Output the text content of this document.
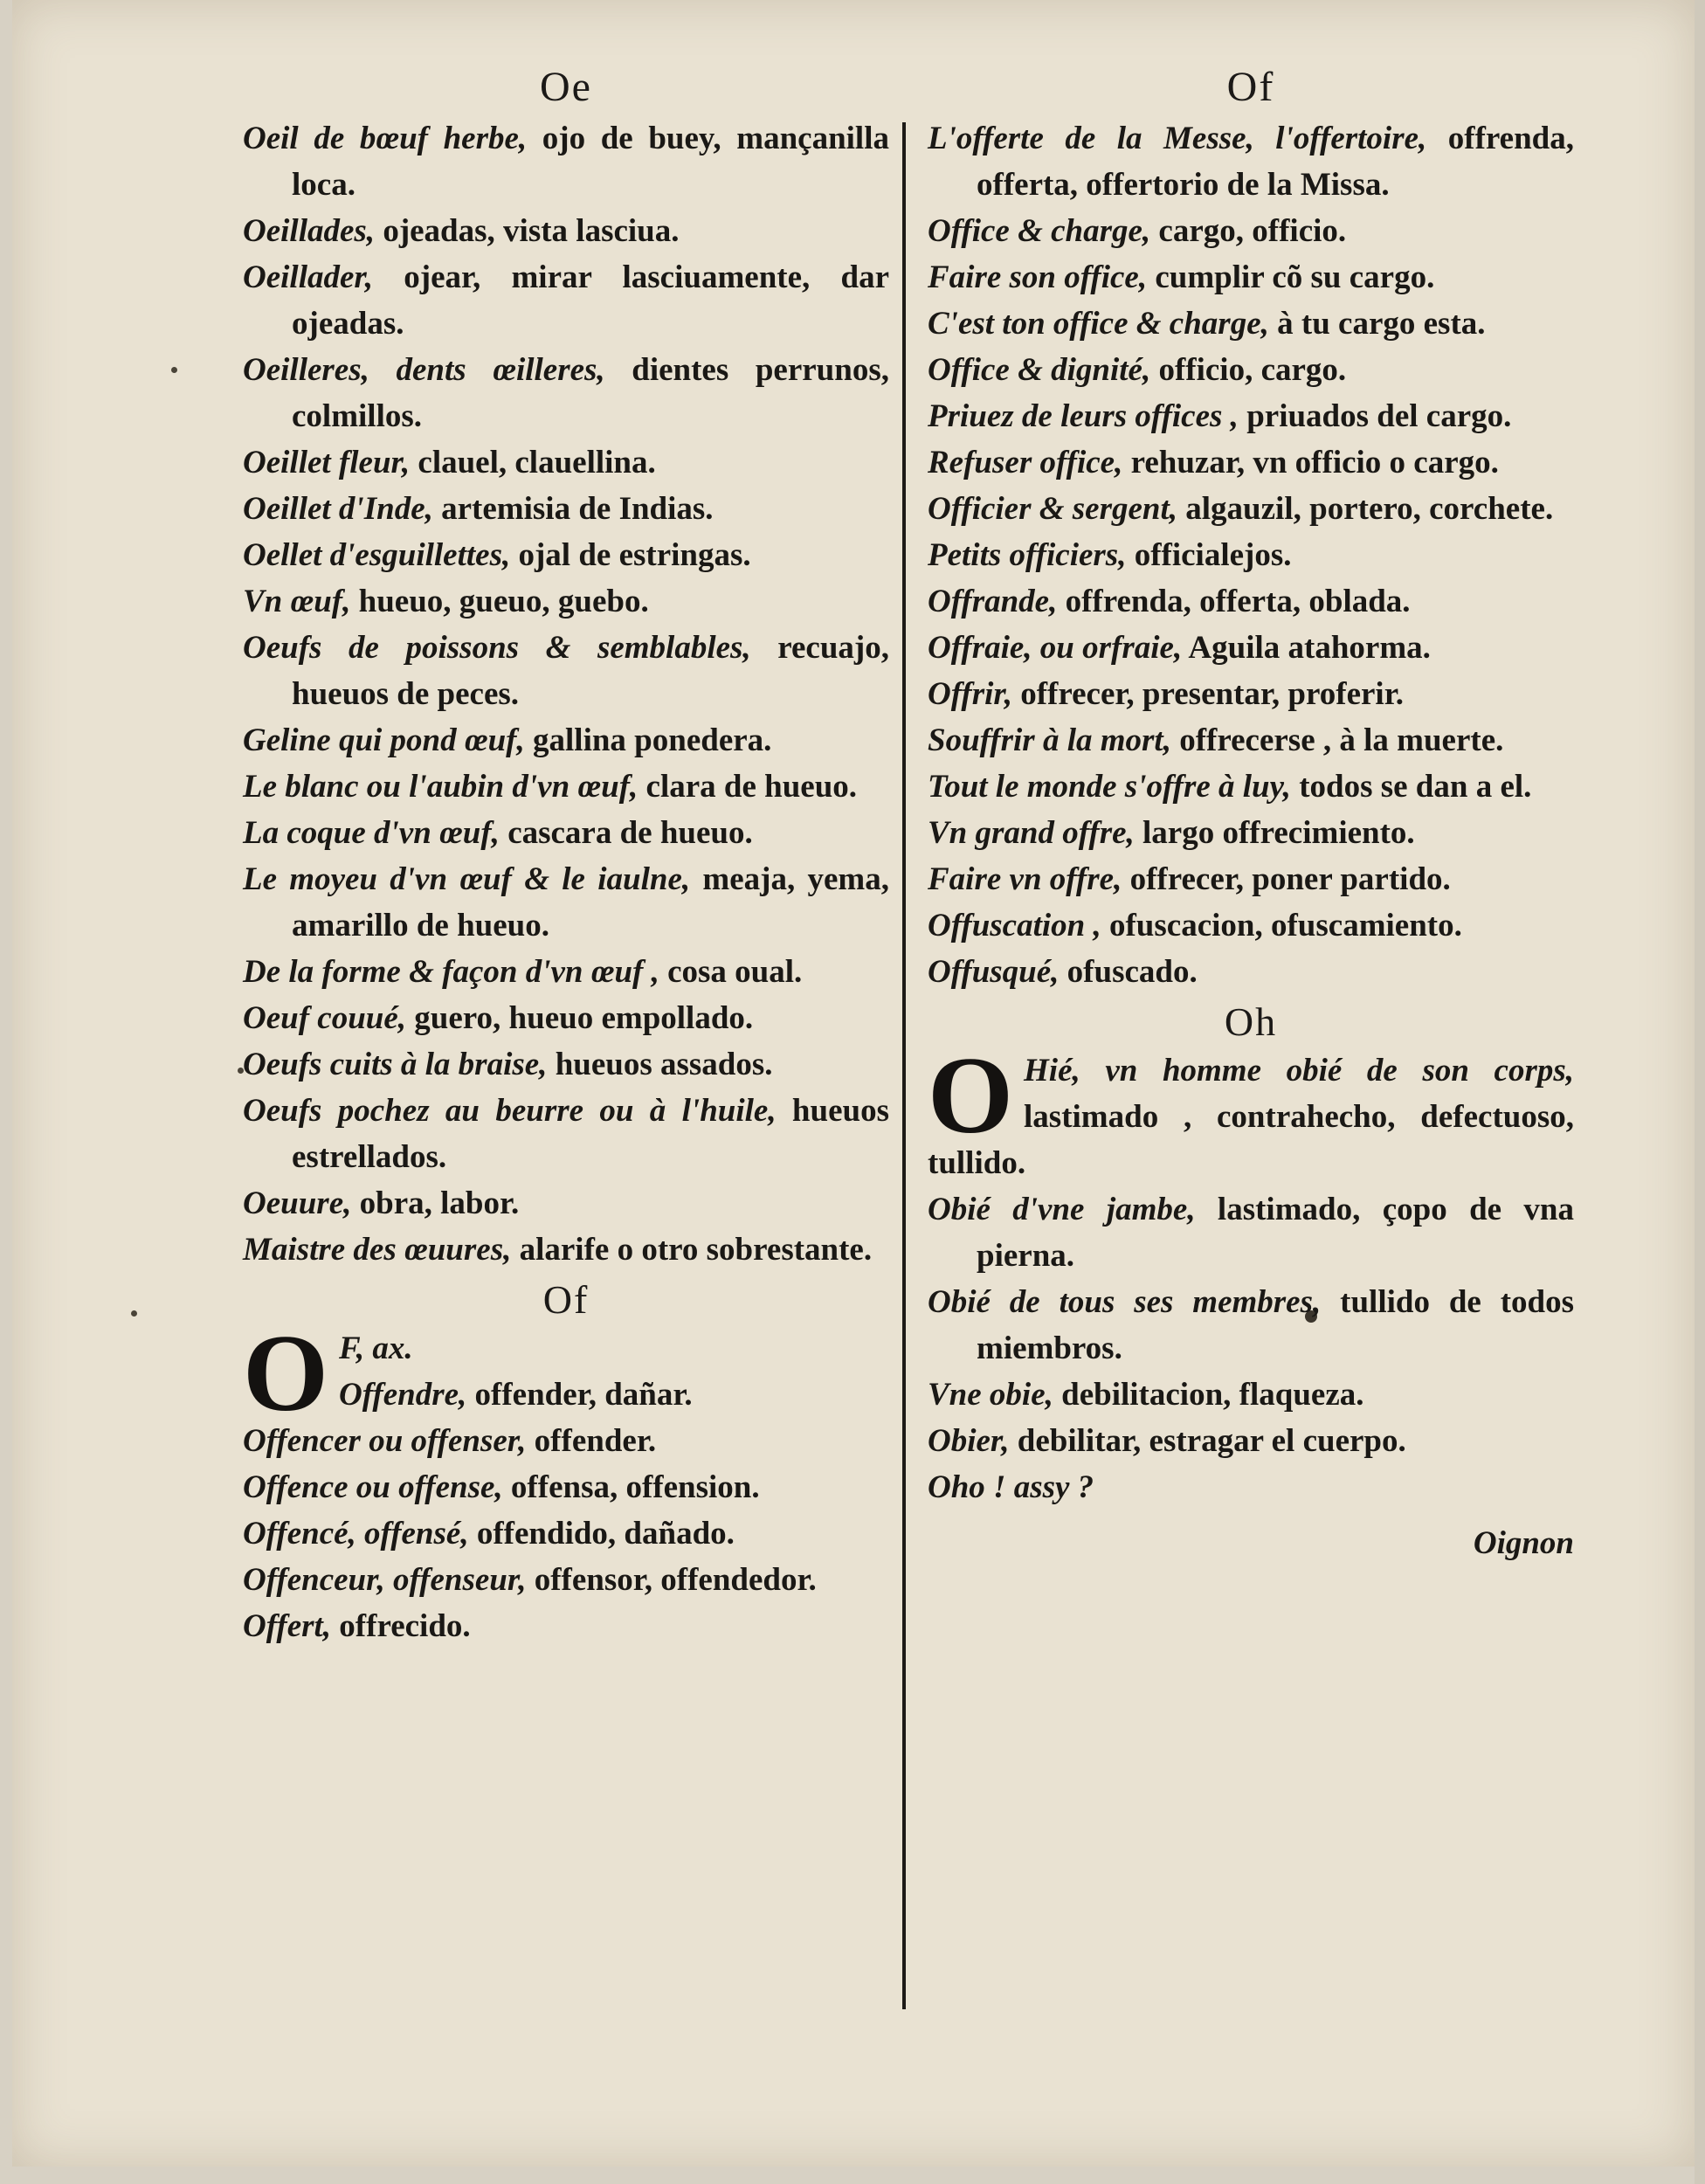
Oe
Oeil de bœuf herbe, ojo de buey, mançanilla loca.
Oeillades, ojeadas, vista lasciua.
Oeillader, ojear, mirar lasciuamente, dar ojeadas.
Oeilleres, dents œilleres, dientes perrunos, colmillos.
Oeillet fleur, clauel, clauellina.
Oeillet d'Inde, artemisia de Indias.
Oellet d'esguillettes, ojal de estringas.
Vn œuf, hueuo, gueuo, guebo.
Oeufs de poissons & semblables, recuajo, hueuos de peces.
Geline qui pond œuf, gallina ponedera.
Le blanc ou l'aubin d'vn œuf, clara de hueuo.
La coque d'vn œuf, cascara de hueuo.
Le moyeu d'vn œuf & le iaulne, meaja, yema, amarillo de hueuo.
De la forme & façon d'vn œuf , cosa oual.
Oeuf couué, guero, hueuo empollado.
Oeufs cuits à la braise, hueuos assados.
Oeufs pochez au beurre ou à l'huile, hueuos estrellados.
Oeuure, obra, labor.
Maistre des œuures, alarife o otro sobrestante.
Of
O F, ax.
Offendre, offender, dañar.
Offencer ou offenser, offender.
Offence ou offense, offensa, offension.
Offencé, offensé, offendido, dañado.
Offenceur, offenseur, offensor, offendedor.
Offert, offrecido.
Of
L'offerte de la Messe, l'offertoire, offrenda, offerta, offertorio de la Missa.
Office & charge, cargo, officio.
Faire son office, cumplir cõ su cargo.
C'est ton office & charge, à tu cargo esta.
Office & dignité, officio, cargo.
Priuez de leurs offices , priuados del cargo.
Refuser office, rehuzar, vn officio o cargo.
Officier & sergent, algauzil, portero, corchete.
Petits officiers, officialejos.
Offrande, offrenda, offerta, oblada.
Offraie, ou orfraie, Aguila atahorma.
Offrir, offrecer, presentar, proferir.
Souffrir à la mort, offrecerse , à la muerte.
Tout le monde s'offre à luy, todos se dan a el.
Vn grand offre, largo offrecimiento.
Faire vn offre, offrecer, poner partido.
Offuscation , ofuscacion, ofuscamiento.
Offusqué, ofuscado.
Oh
O Hié, vn homme obié de son corps, lastimado , contrahecho, defectuoso, tullido.
Obié d'vne jambe, lastimado, çopo de vna pierna.
Obié de tous ses membres, tullido de todos miembros.
Vne obie, debilitacion, flaqueza.
Obier, debilitar, estragar el cuerpo.
Oho ! assy ?
Oignon
